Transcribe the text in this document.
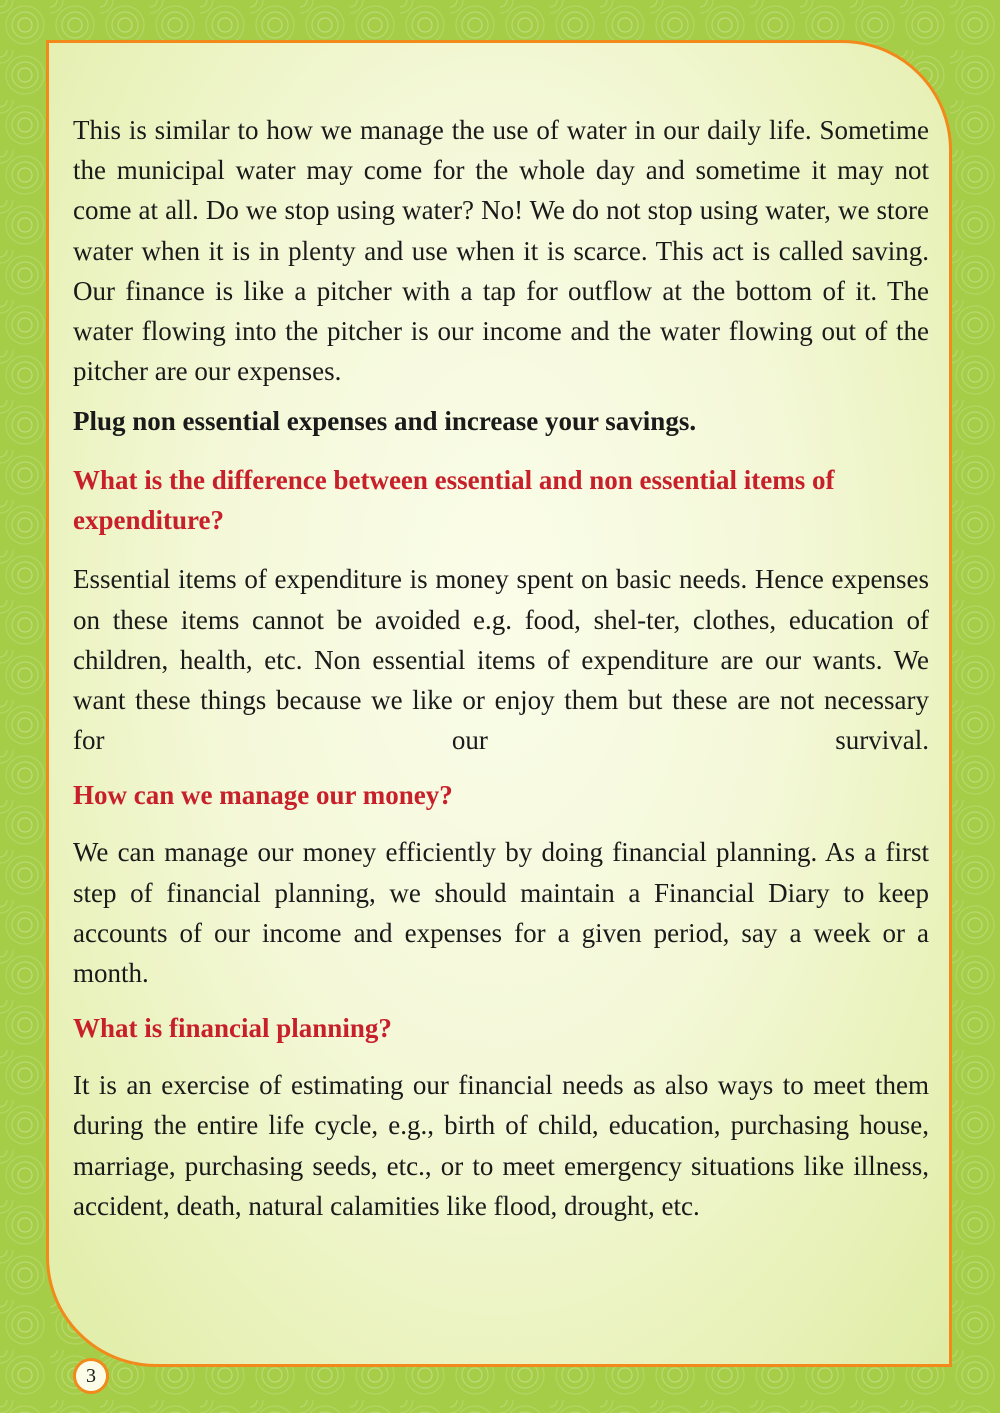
This is similar to how we manage the use of water in our daily life. Sometime the municipal water may come for the whole day and sometime it may not come at all. Do we stop using water? No! We do not stop using water, we store water when it is in plenty and use when it is scarce. This act is called saving. Our finance is like a pitcher with a tap for outflow at the bottom of it. The water flowing into the pitcher is our income and the water flowing out of the pitcher are our expenses.

Plug non essential expenses and increase your savings.

What is the difference between essential and non essential items of expenditure?

Essential items of expenditure is money spent on basic needs. Hence expenses on these items cannot be avoided e.g. food, shel-ter, clothes, education of children, health, etc. Non essential items of expenditure are our wants. We want these things because we like or enjoy them but these are not necessary for our survival.

How can we manage our money?

We can manage our money efficiently by doing financial planning. As a first step of financial planning, we should maintain a Financial Diary to keep accounts of our income and expenses for a given period, say a week or a month.

What is financial planning?

It is an exercise of estimating our financial needs as also ways to meet them during the entire life cycle, e.g., birth of child, education, purchasing house, marriage, purchasing seeds, etc., or to meet emergency situations like illness, accident, death, natural calamities like flood, drought, etc.

3
